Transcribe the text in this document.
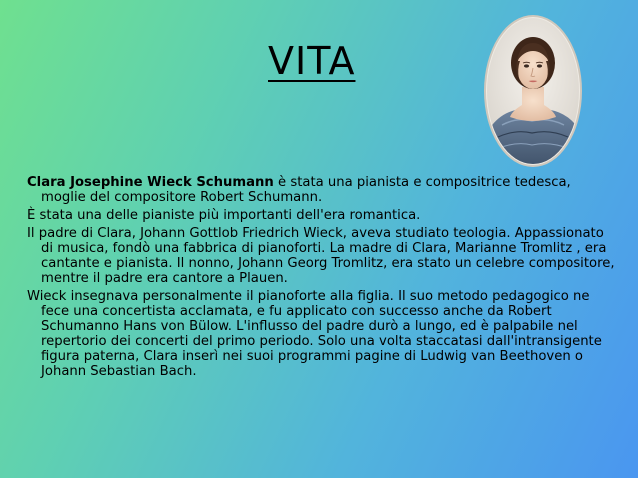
VITA

Clara Josephine Wieck Schumann è stata una pianista e compositrice tedesca, moglie del compositore Robert Schumann.

È stata una delle pianiste più importanti dell'era romantica.

Il padre di Clara, Johann Gottlob Friedrich Wieck, aveva studiato teologia. Appassionato di musica, fondò una fabbrica di pianoforti. La madre di Clara, Marianne Tromlitz , era cantante e pianista. Il nonno, Johann Georg Tromlitz, era stato un celebre compositore, mentre il padre era cantore a Plauen.

Wieck insegnava personalmente il pianoforte alla figlia. Il suo metodo pedagogico ne fece una concertista acclamata, e fu applicato con successo anche da Robert Schumanno Hans von Bülow. L'influsso del padre durò a lungo, ed è palpabile nel repertorio dei concerti del primo periodo. Solo una volta staccatasi dall'intransigente figura paterna, Clara inserì nei suoi programmi pagine di Ludwig van Beethoven o Johann Sebastian Bach.
